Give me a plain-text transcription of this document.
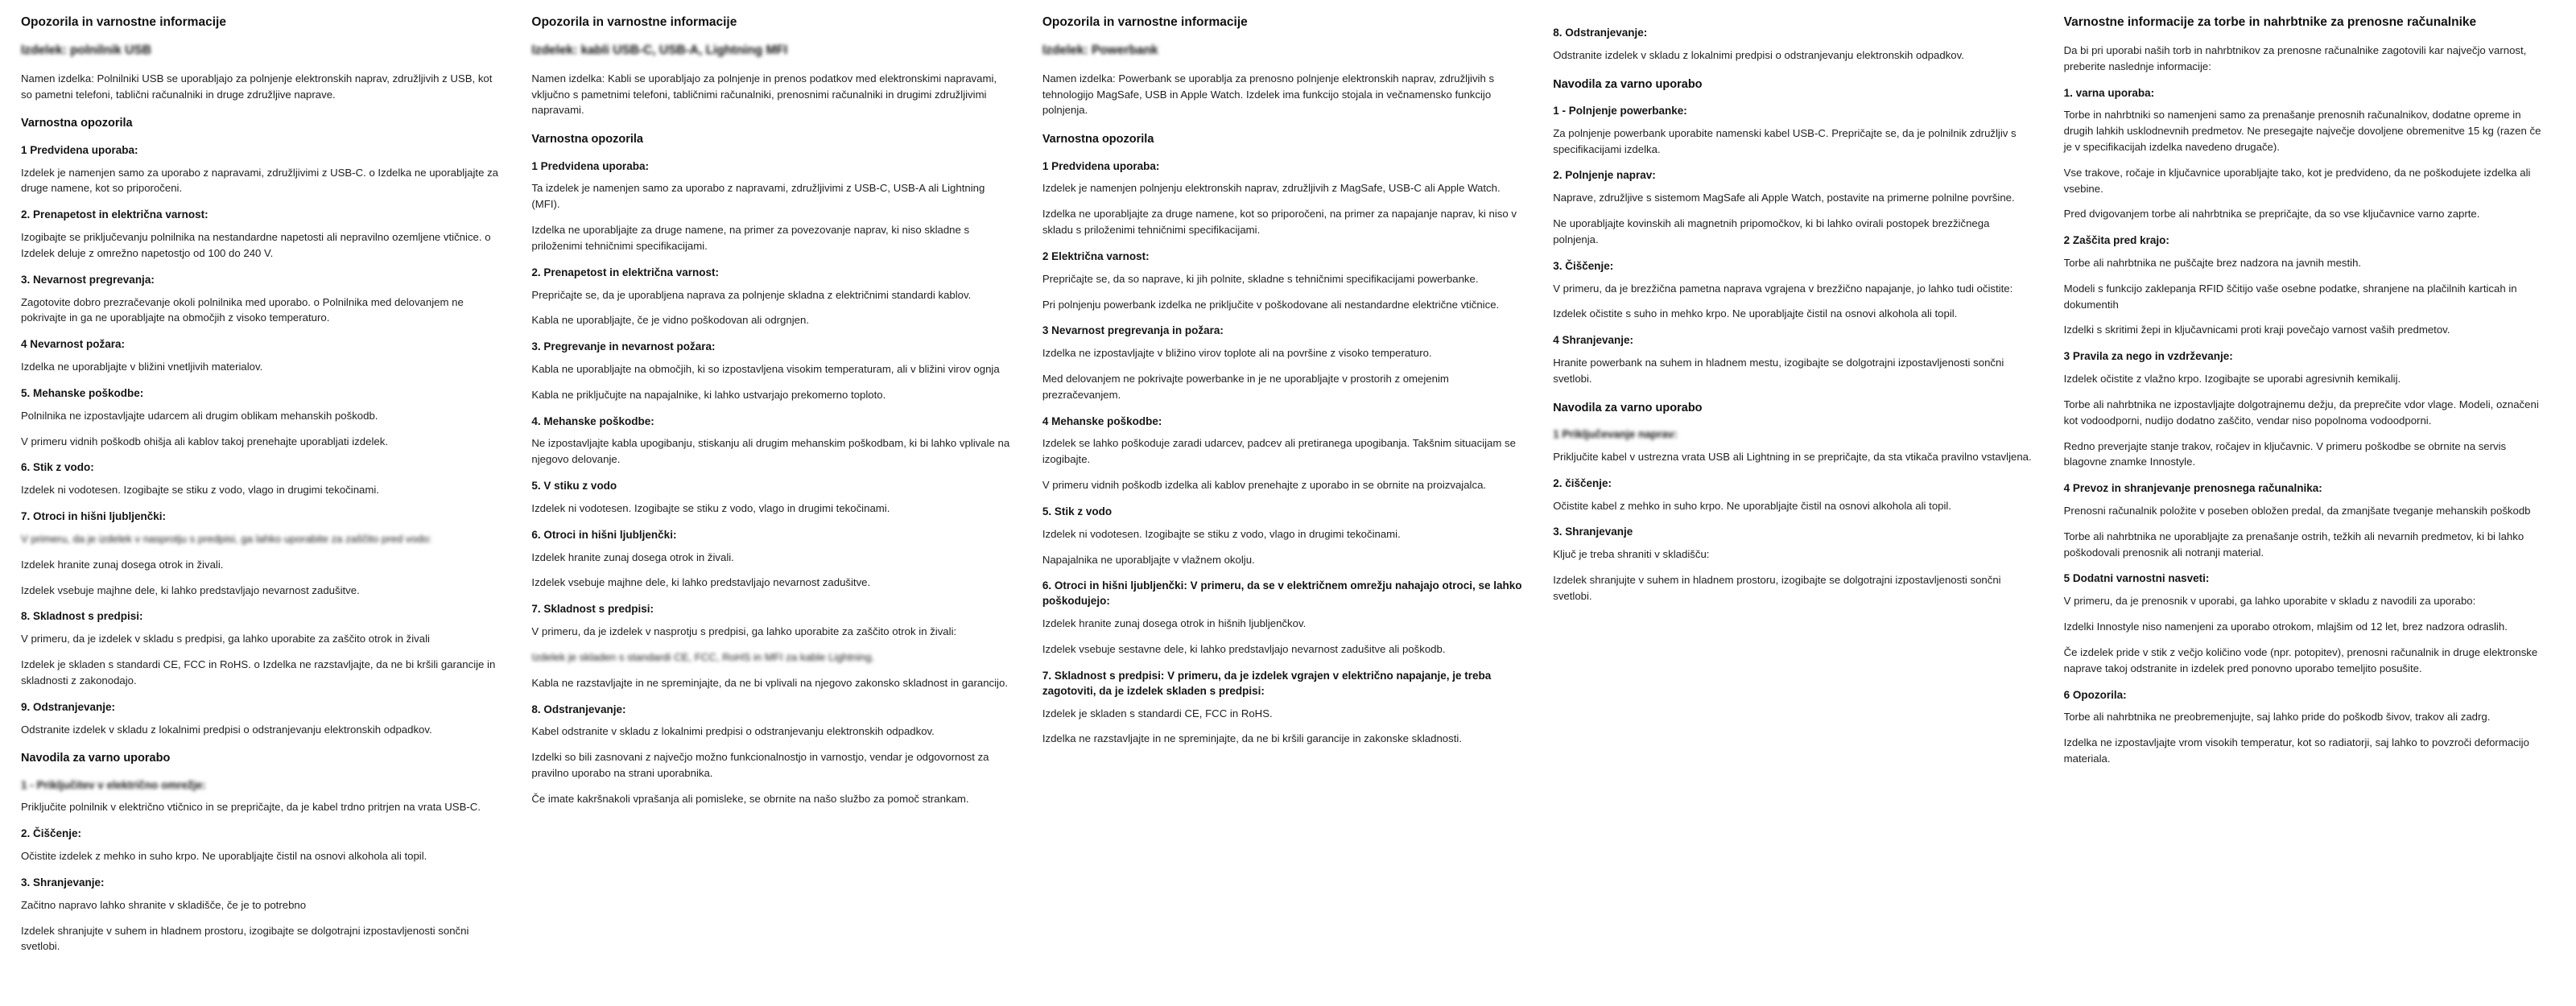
Opozorila in varnostne informacije
Izdelek: polnilnik USB

Namen izdelka: Polnilniki USB se uporabljajo za polnjenje elektronskih naprav, združljivih z USB, kot so pametni telefoni, tablični računalniki in druge združljive naprave.

Varnostna opozorila
1 Predvidena uporaba:

Izdelek je namenjen samo za uporabo z napravami, združljivimi z USB-C. o Izdelka ne uporabljajte za druge namene, kot so priporočeni.

2. Prenapetost in električna varnost:

Izogibajte se priključevanju polnilnika na nestandardne napetosti ali nepravilno ozemljene vtičnice. o Izdelek deluje z omrežno napetostjo od 100 do 240 V.

3. Nevarnost pregrevanja:

Zagotovite dobro prezračevanje okoli polnilnika med uporabo. o Polnilnika med delovanjem ne pokrivajte in ga ne uporabljajte na območjih z visoko temperaturo.

4 Nevarnost požara:

Izdelka ne uporabljajte v bližini vnetljivih materialov.

5. Mehanske poškodbe:

Polnilnika ne izpostavljajte udarcem ali drugim oblikam mehanskih poškodb.

V primeru vidnih poškodb ohišja ali kablov takoj prenehajte uporabljati izdelek.

6. Stik z vodo:

Izdelek ni vodotesen. Izogibajte se stiku z vodo, vlago in drugimi tekočinami.

7. Otroci in hišni ljubljenčki:

V primeru, da je izdelek v nasprotju s predpisi, ga lahko uporabite za zaščito pred vodo:

Izdelek hranite zunaj dosega otrok in živali.

Izdelek vsebuje majhne dele, ki lahko predstavljajo nevarnost zadušitve.

8. Skladnost s predpisi:

V primeru, da je izdelek v skladu s predpisi, ga lahko uporabite za zaščito otrok in živali

Izdelek je skladen s standardi CE, FCC in RoHS. o Izdelka ne razstavljajte, da ne bi kršili garancije in skladnosti z zakonodajo.

9. Odstranjevanje:

Odstranite izdelek v skladu z lokalnimi predpisi o odstranjevanju elektronskih odpadkov.

Navodila za varno uporabo
1 - Priključitev v električno omrežje:

Priključite polnilnik v električno vtičnico in se prepričajte, da je kabel trdno pritrjen na vrata USB-C.

2. Čiščenje:

Očistite izdelek z mehko in suho krpo. Ne uporabljajte čistil na osnovi alkohola ali topil.

3. Shranjevanje:

Začitno napravo lahko shranite v skladišče, če je to potrebno

Izdelek shranjujte v suhem in hladnem prostoru, izogibajte se dolgotrajni izpostavljenosti sončni svetlobi.

Opozorila in varnostne informacije
Izdelek: kabli USB-C, USB-A, Lightning MFI

Namen izdelka: Kabli se uporabljajo za polnjenje in prenos podatkov med elektronskimi napravami, vključno s pametnimi telefoni, tabličnimi računalniki, prenosnimi računalniki in drugimi združljivimi napravami.

Varnostna opozorila
1 Predvidena uporaba:

Ta izdelek je namenjen samo za uporabo z napravami, združljivimi z USB-C, USB-A ali Lightning (MFI).

Izdelka ne uporabljajte za druge namene, na primer za povezovanje naprav, ki niso skladne s priloženimi tehničnimi specifikacijami.

2. Prenapetost in električna varnost:

Prepričajte se, da je uporabljena naprava za polnjenje skladna z električnimi standardi kablov.

Kabla ne uporabljajte, če je vidno poškodovan ali odrgnjen.

3. Pregrevanje in nevarnost požara:

Kabla ne uporabljajte na območjih, ki so izpostavljena visokim temperaturam, ali v bližini virov ognja

Kabla ne priključujte na napajalnike, ki lahko ustvarjajo prekomerno toploto.

4. Mehanske poškodbe:

Ne izpostavljajte kabla upogibanju, stiskanju ali drugim mehanskim poškodbam, ki bi lahko vplivale na njegovo delovanje.

5. V stiku z vodo

Izdelek ni vodotesen. Izogibajte se stiku z vodo, vlago in drugimi tekočinami.

6. Otroci in hišni ljubljenčki:

Izdelek hranite zunaj dosega otrok in živali.

Izdelek vsebuje majhne dele, ki lahko predstavljajo nevarnost zadušitve.

7. Skladnost s predpisi:

V primeru, da je izdelek v nasprotju s predpisi, ga lahko uporabite za zaščito otrok in živali:

Izdelek je skladen s standardi CE, FCC, RoHS in MFI za kable Lightning.

Kabla ne razstavljajte in ne spreminjajte, da ne bi vplivali na njegovo zakonsko skladnost in garancijo.

8. Odstranjevanje:

Kabel odstranite v skladu z lokalnimi predpisi o odstranjevanju elektronskih odpadkov.

Izdelki so bili zasnovani z največjo možno funkcionalnostjo in varnostjo, vendar je odgovornost za pravilno uporabo na strani uporabnika.

Če imate kakršnakoli vprašanja ali pomisleke, se obrnite na našo službo za pomoč strankam.

Opozorila in varnostne informacije
Izdelek: Powerbank

Namen izdelka: Powerbank se uporablja za prenosno polnjenje elektronskih naprav, združljivih s tehnologijo MagSafe, USB in Apple Watch. Izdelek ima funkcijo stojala in večnamensko funkcijo polnjenja.

Varnostna opozorila
1 Predvidena uporaba:

Izdelek je namenjen polnjenju elektronskih naprav, združljivih z MagSafe, USB-C ali Apple Watch.

Izdelka ne uporabljajte za druge namene, kot so priporočeni, na primer za napajanje naprav, ki niso v skladu s priloženimi tehničnimi specifikacijami.

2 Električna varnost:

Prepričajte se, da so naprave, ki jih polnite, skladne s tehničnimi specifikacijami powerbanke.

Pri polnjenju powerbank izdelka ne priključite v poškodovane ali nestandardne električne vtičnice.

3 Nevarnost pregrevanja in požara:

Izdelka ne izpostavljajte v bližino virov toplote ali na površine z visoko temperaturo.

Med delovanjem ne pokrivajte powerbanke in je ne uporabljajte v prostorih z omejenim prezračevanjem.

4 Mehanske poškodbe:

Izdelek se lahko poškoduje zaradi udarcev, padcev ali pretiranega upogibanja. Takšnim situacijam se izogibajte.

V primeru vidnih poškodb izdelka ali kablov prenehajte z uporabo in se obrnite na proizvajalca.

5. Stik z vodo

Izdelek ni vodotesen. Izogibajte se stiku z vodo, vlago in drugimi tekočinami.

Napajalnika ne uporabljajte v vlažnem okolju.

6. Otroci in hišni ljubljenčki: V primeru, da se v električnem omrežju nahajajo otroci, se lahko poškodujejo:

Izdelek hranite zunaj dosega otrok in hišnih ljubljenčkov.

Izdelek vsebuje sestavne dele, ki lahko predstavljajo nevarnost zadušitve ali poškodb.

7. Skladnost s predpisi: V primeru, da je izdelek vgrajen v električno napajanje, je treba zagotoviti, da je izdelek skladen s predpisi:

Izdelek je skladen s standardi CE, FCC in RoHS.

Izdelka ne razstavljajte in ne spreminjajte, da ne bi kršili garancije in zakonske skladnosti.

8. Odstranjevanje:

Odstranite izdelek v skladu z lokalnimi predpisi o odstranjevanju elektronskih odpadkov.

Navodila za varno uporabo
1 - Polnjenje powerbanke:

Za polnjenje powerbank uporabite namenski kabel USB-C. Prepričajte se, da je polnilnik združljiv s specifikacijami izdelka.

2. Polnjenje naprav:

Naprave, združljive s sistemom MagSafe ali Apple Watch, postavite na primerne polnilne površine.

Ne uporabljajte kovinskih ali magnetnih pripomočkov, ki bi lahko ovirali postopek brezžičnega polnjenja.

3. Čiščenje:

V primeru, da je brezžična pametna naprava vgrajena v brezžično napajanje, jo lahko tudi očistite:

Izdelek očistite s suho in mehko krpo. Ne uporabljajte čistil na osnovi alkohola ali topil.

4 Shranjevanje:

Hranite powerbank na suhem in hladnem mestu, izogibajte se dolgotrajni izpostavljenosti sončni svetlobi.

Navodila za varno uporabo
1 Priključevanje naprav:

Priključite kabel v ustrezna vrata USB ali Lightning in se prepričajte, da sta vtikača pravilno vstavljena.

2. čiščenje:

Očistite kabel z mehko in suho krpo. Ne uporabljajte čistil na osnovi alkohola ali topil.

3. Shranjevanje

Ključ je treba shraniti v skladišču:

Izdelek shranjujte v suhem in hladnem prostoru, izogibajte se dolgotrajni izpostavljenosti sončni svetlobi.

Varnostne informacije za torbe in nahrbtnike za prenosne računalnike

Da bi pri uporabi naših torb in nahrbtnikov za prenosne računalnike zagotovili kar največjo varnost, preberite naslednje informacije:

1. varna uporaba:

Torbe in nahrbtniki so namenjeni samo za prenašanje prenosnih računalnikov, dodatne opreme in drugih lahkih usklodnevnih predmetov. Ne presegajte največje dovoljene obremenitve 15 kg (razen če je v specifikacijah izdelka navedeno drugače).

Vse trakove, ročaje in ključavnice uporabljajte tako, kot je predvideno, da ne poškodujete izdelka ali vsebine.

Pred dvigovanjem torbe ali nahrbtnika se prepričajte, da so vse ključavnice varno zaprte.

2 Zaščita pred krajo:

Torbe ali nahrbtnika ne puščajte brez nadzora na javnih mestih.

Modeli s funkcijo zaklepanja RFID ščitijo vaše osebne podatke, shranjene na plačilnih karticah in dokumentih

Izdelki s skritimi žepi in ključavnicami proti kraji povečajo varnost vaših predmetov.

3 Pravila za nego in vzdrževanje:

Izdelek očistite z vlažno krpo. Izogibajte se uporabi agresivnih kemikalij.

Torbe ali nahrbtnika ne izpostavljajte dolgotrajnemu dežju, da preprečite vdor vlage. Modeli, označeni kot vodoodporni, nudijo dodatno zaščito, vendar niso popolnoma vodoodporni.

Redno preverjajte stanje trakov, ročajev in ključavnic. V primeru poškodbe se obrnite na servis blagovne znamke Innostyle.

4 Prevoz in shranjevanje prenosnega računalnika:

Prenosni računalnik položite v poseben obložen predal, da zmanjšate tveganje mehanskih poškodb

Torbe ali nahrbtnika ne uporabljajte za prenašanje ostrih, težkih ali nevarnih predmetov, ki bi lahko poškodovali prenosnik ali notranji material.

5 Dodatni varnostni nasveti:

V primeru, da je prenosnik v uporabi, ga lahko uporabite v skladu z navodili za uporabo:

Izdelki Innostyle niso namenjeni za uporabo otrokom, mlajšim od 12 let, brez nadzora odraslih.

Če izdelek pride v stik z večjo količino vode (npr. potopitev), prenosni računalnik in druge elektronske naprave takoj odstranite in izdelek pred ponovno uporabo temeljito posušite.

6 Opozorila:

Torbe ali nahrbtnika ne preobremenjujte, saj lahko pride do poškodb šivov, trakov ali zadrg.

Izdelka ne izpostavljajte vrom visokih temperatur, kot so radiatorji, saj lahko to povzroči deformacijo materiala.
